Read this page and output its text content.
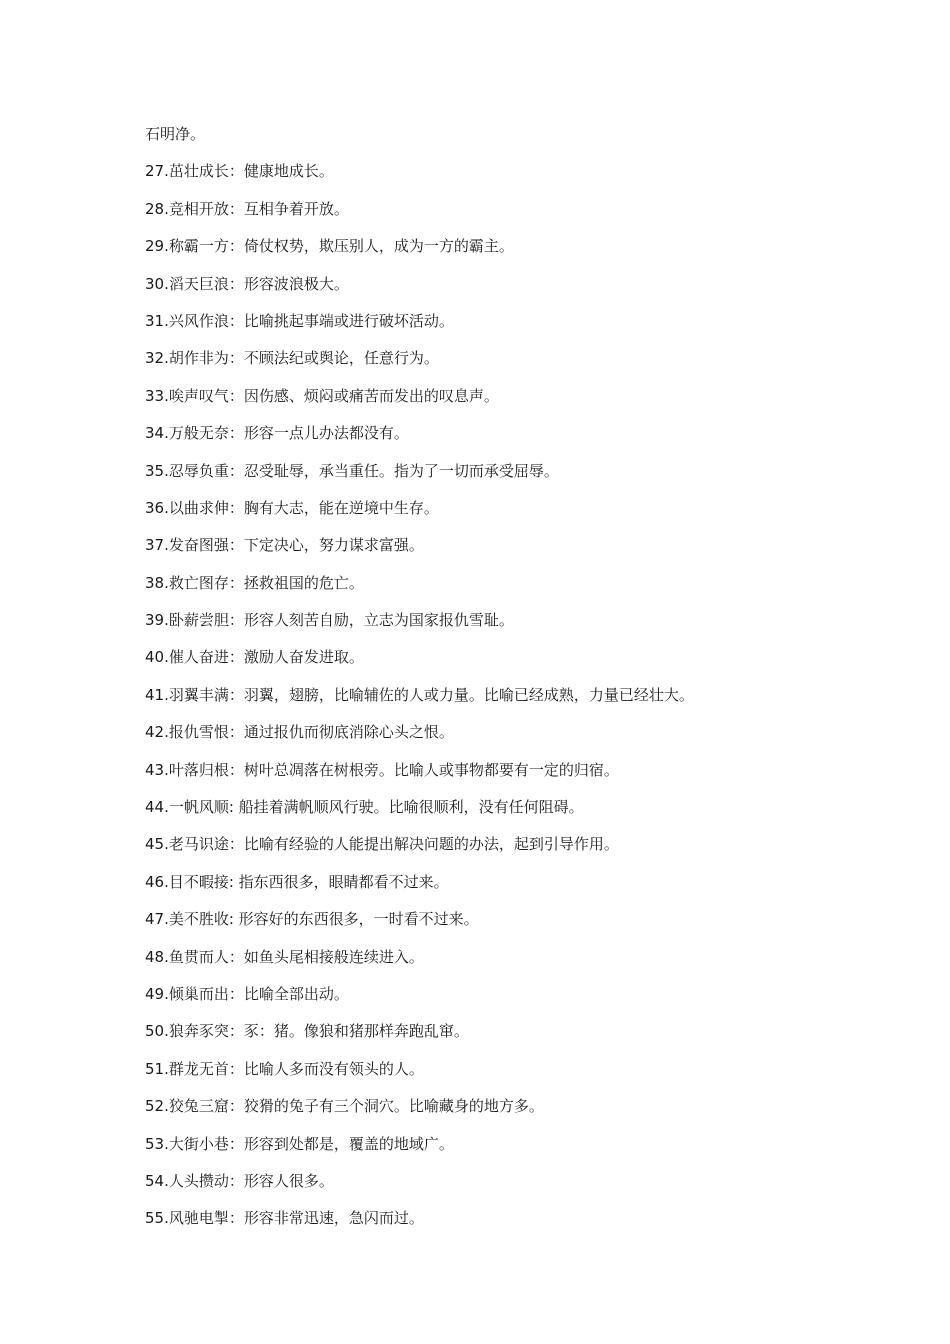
石明净。
27.茁壮成长：健康地成长。
28.竞相开放：互相争着开放。
29.称霸一方：倚仗权势，欺压别人，成为一方的霸主。
30.滔天巨浪：形容波浪极大。
31.兴风作浪：比喻挑起事端或进行破坏活动。
32.胡作非为：不顾法纪或舆论，任意行为。
33.唉声叹气：因伤感、烦闷或痛苦而发出的叹息声。
34.万般无奈：形容一点儿办法都没有。
35.忍辱负重：忍受耻辱，承当重任。指为了一切而承受屈辱。
36.以曲求伸：胸有大志，能在逆境中生存。
37.发奋图强：下定决心，努力谋求富强。
38.救亡图存：拯救祖国的危亡。
39.卧薪尝胆：形容人刻苦自励，立志为国家报仇雪耻。
40.催人奋进：激励人奋发进取。
41.羽翼丰满：羽翼，翅膀，比喻辅佐的人或力量。比喻已经成熟，力量已经壮大。
42.报仇雪恨：通过报仇而彻底消除心头之恨。
43.叶落归根：树叶总凋落在树根旁。比喻人或事物都要有一定的归宿。
44.一帆风顺: 船挂着满帆顺风行驶。比喻很顺利，没有任何阻碍。
45.老马识途：比喻有经验的人能提出解决问题的办法，起到引导作用。
46.目不暇接: 指东西很多，眼睛都看不过来。
47.美不胜收: 形容好的东西很多，一时看不过来。
48.鱼贯而人：如鱼头尾相接般连续进入。
49.倾巢而出：比喻全部出动。
50.狼奔豕突：豕：猪。像狼和猪那样奔跑乱窜。
51.群龙无首：比喻人多而没有领头的人。
52.狡兔三窟：狡猾的兔子有三个洞穴。比喻藏身的地方多。
53.大街小巷：形容到处都是，覆盖的地域广。
54.人头攒动：形容人很多。
55.风驰电掣：形容非常迅速，急闪而过。
